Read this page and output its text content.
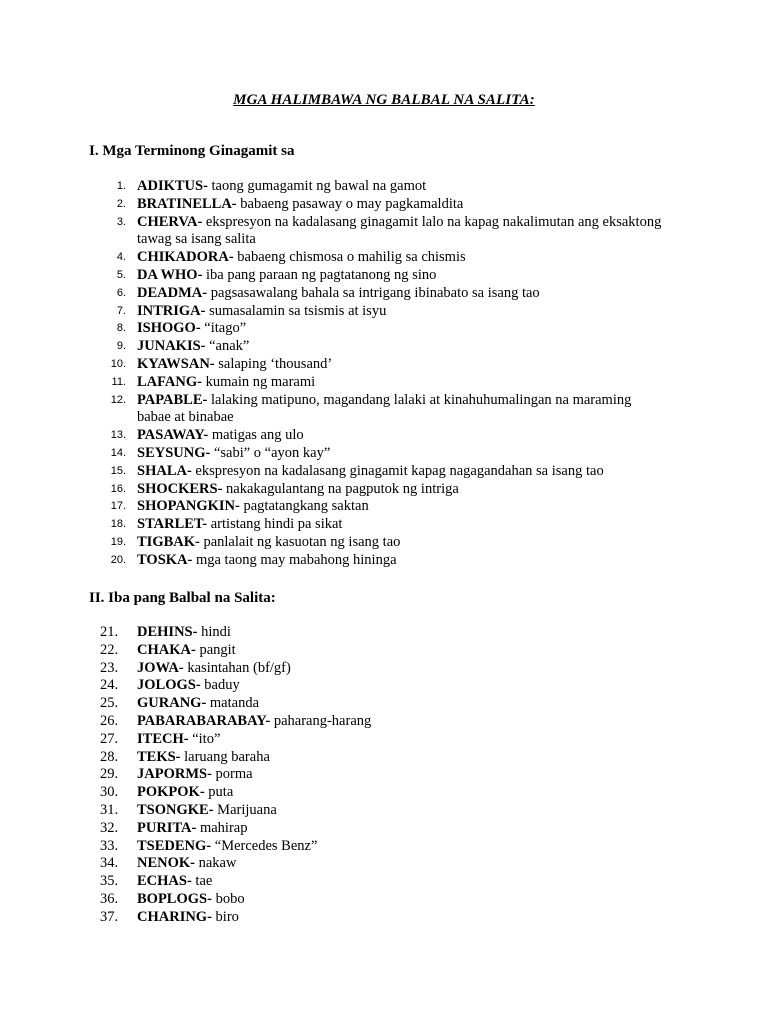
MGA HALIMBAWA NG BALBAL NA SALITA:
I. Mga Terminong Ginagamit sa
1. ADIKTUS- taong gumagamit ng bawal na gamot
2. BRATINELLA- babaeng pasaway o may pagkamaldita
3. CHERVA- ekspresyon na kadalasang ginagamit lalo na kapag nakalimutan ang eksaktong tawag sa isang salita
4. CHIKADORA- babaeng chismosa o mahilig sa chismis
5. DA WHO- iba pang paraan ng pagtatanong ng sino
6. DEADMA- pagsasawalang bahala sa intrigang ibinabato sa isang tao
7. INTRIGA- sumasalamin sa tsismis at isyu
8. ISHOGO- “itago”
9. JUNAKIS- “anak”
10. KYAWSAN- salaping ‘thousand’
11. LAFANG- kumain ng marami
12. PAPABLE- lalaking matipuno, magandang lalaki at kinahuhumalingan na maraming babae at binabae
13. PASAWAY- matigas ang ulo
14. SEYSUNG- “sabi” o “ayon kay”
15. SHALA- ekspresyon na kadalasang ginagamit kapag nagagandahan sa isang tao
16. SHOCKERS- nakakagulantang na pagputok ng intriga
17. SHOPANGKIN- pagtatangkang saktan
18. STARLET- artistang hindi pa sikat
19. TIGBAK- panlalait ng kasuotan ng isang tao
20. TOSKA- mga taong may mabahong hininga
II. Iba pang Balbal na Salita:
21.	DEHINS- hindi
22.	CHAKA- pangit
23.	JOWA- kasintahan (bf/gf)
24.	JOLOGS- baduy
25.	GURANG- matanda
26.	PABARABARABAY- paharang-harang
27.	ITECH- “ito”
28.	TEKS- laruang baraha
29.	JAPORMS- porma
30.	POKPOK- puta
31.	TSONGKE- Marijuana
32.	PURITA- mahirap
33.	TSEDENG- “Mercedes Benz”
34.	NENOK- nakaw
35.	ECHAS- tae
36.	BOPLOGS- bobo
37.	CHARING- biro
